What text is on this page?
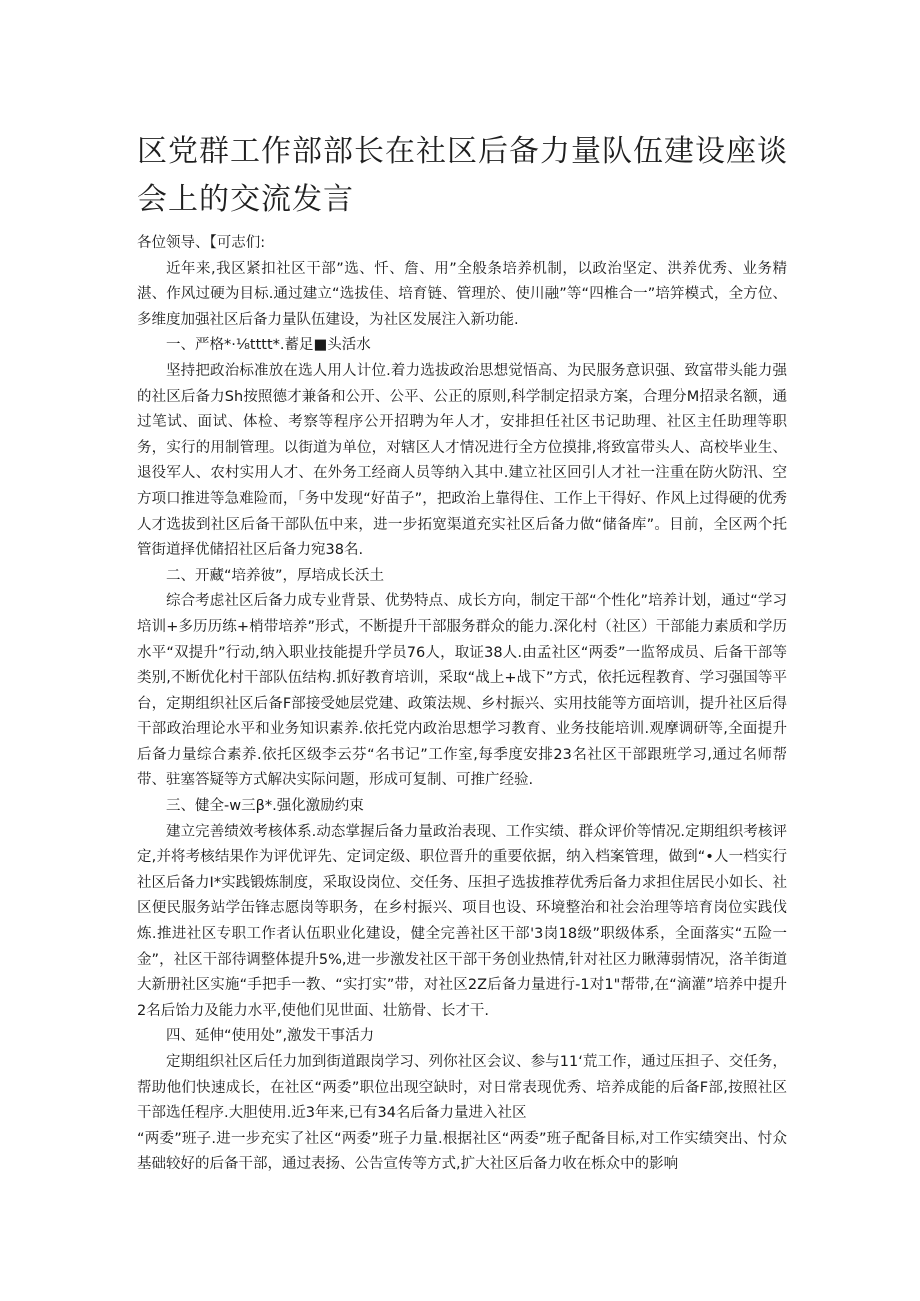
区党群工作部部长在社区后备力量队伍建设座谈会上的交流发言

各位领导、【可志们:

近年来,我区紧扣社区干部”选、忏、詹、用”全般条培养机制，以政治坚定、洪养优秀、业务精湛、作风过硬为目标.通过建立“选拔佳、培育链、管理於、使川融”等“四椎合一”培笄模式，全方位、多维度加强社区后备力量队伍建设，为社区发展注入新功能.

一、严格*·⅛tttt*.蓄足■头活水

坚持把政治标准放在选人用人计位.着力选拔政治思想觉悟高、为民服务意识强、致富带头能力强的社区后备力Sh按照德才兼备和公开、公平、公正的原则,科学制定招录方案，合理分M招录名额，通过笔试、面试、体检、考察等程序公开招聘为年人才，安排担任社区书记助理、社区主任助理等职务，实行的用制管理。以街道为单位，对辖区人才情况进行全方位摸排,将致富带头人、高校毕业生、退役军人、农村实用人才、在外务工经商人员等纳入其中.建立社区回引人才社一注重在防火防汛、空方项口推进等急难险而，「务中发现“好苗子”，把政治上靠得住、工作上干得好、作风上过得硬的优秀人才选拔到社区后备干部队伍中来，进一步拓宽渠道充实社区后备力做“储备库”。目前，全区两个托管街道择优储招社区后备力宛38名.

二、开藏“培养彼”，厚培成长沃土

综合考虑社区后备力成专业背景、优势特点、成长方向，制定干部“个性化”培养计划，通过“学习培训+多历历练+梢带培养”形式，不断提升干部服务群众的能力.深化村（社区）干部能力素质和学历水平“双提升”行动,纳入职业技能提升学员76人，取证38人.由孟社区“两委”一监帑成员、后备干部等类别,不断优化村干部队伍结构.抓好教育培训，采取“战上+战下”方式，依托远程教育、学习强国等平台，定期组织社区后备F部接受她层党建、政策法规、乡村振兴、实用技能等方面培训，提升社区后得干部政治理论水平和业务知识素养.依托党内政治思想学习教育、业务技能培训.观摩调研等,全面提升后备力量综合素养.依托区级李云芬“名书记”工作室,每季度安排23名社区干部跟班学习,通过名师帮带、驻塞答疑等方式解决实际问题，形成可复制、可推广经验.

三、健全-w三β*.强化激励约束

建立完善绩效考核体系.动态掌握后备力量政治表现、工作实绩、群众评价等情况.定期组织考核评定,并将考核结果作为评优评先、定词定级、职位晋升的重要依据，纳入档案管理，做到“•人一档实行社区后备力I*实践锻炼制度，采取设岗位、交任务、压担孑选拔推荐优秀后备力求担住居民小如长、社区便民服务站学缶锋志愿岗等职务，在乡村振兴、项目也设、环境整治和社会治理等培育岗位实践伐炼.推进社区专职工作者认伍职业化建设，健全完善社区干部'3岗18级”职级体系，全面落实“五险一金”，社区干部待调整体提升5%,进一步激发社区干部干务创业热情,针对社区力瞅薄弱情况，洛羊街道大新册社区实施“手把手一教、“实打实”带，对社区2Z后备力量进行-1对1"帮带,在“滴灌”培养中提升2名后饴力及能力水平,使他们见世面、壮筋骨、长才干.

四、延伸“使用处”,激发干事活力

定期组织社区后任力加到街道跟岗学习、列你社区会议、参与11‘荒工作，通过压担子、交任务，帮助他们快速成长，在社区“两委”职位出现空缺时，对日常表现优秀、培养成能的后备F部,按照社区干部选任程序.大胆使用.近3年来,已有34名后备力量进入社区

“两委”班子.进一步充实了社区“两委”班子力量.根据社区“两委”班子配备目标,对工作实绩突出、忖众基础较好的后备干部，通过表扬、公告宣传等方式,扩大社区后备力收在栎众中的影响
